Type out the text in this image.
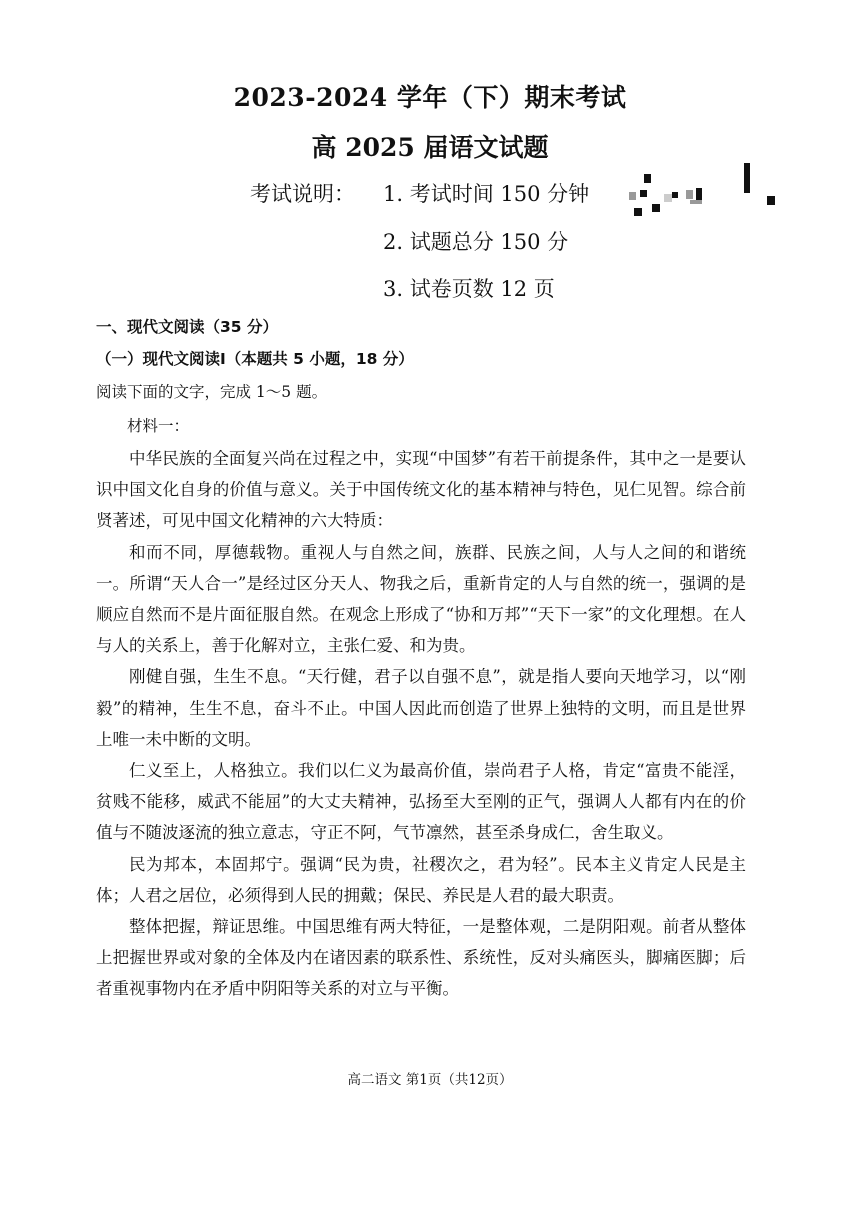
2023-2024 学年（下）期末考试
高 2025 届语文试题
考试说明： 1. 考试时间 150 分钟
2. 试题总分 150 分
3. 试卷页数 12 页
一、现代文阅读（35 分）
（一）现代文阅读Ⅰ（本题共 5 小题，18 分）
阅读下面的文字，完成 1～5 题。
材料一：

中华民族的全面复兴尚在过程之中，实现“中国梦”有若干前提条件，其中之一是要认识中国文化自身的价值与意义。关于中国传统文化的基本精神与特色，见仁见智。综合前贤著述，可见中国文化精神的六大特质：

和而不同，厚德载物。重视人与自然之间，族群、民族之间，人与人之间的和谐统一。所谓“天人合一”是经过区分天人、物我之后，重新肯定的人与自然的统一，强调的是顺应自然而不是片面征服自然。在观念上形成了“协和万邦”“天下一家”的文化理想。在人与人的关系上，善于化解对立，主张仁爱、和为贵。

刚健自强，生生不息。“天行健，君子以自强不息”，就是指人要向天地学习，以“刚毅”的精神，生生不息，奋斗不止。中国人因此而创造了世界上独特的文明，而且是世界上唯一未中断的文明。

仁义至上，人格独立。我们以仁义为最高价值，崇尚君子人格，肯定“富贵不能淫，贫贱不能移，威武不能屈”的大丈夫精神，弘扬至大至刚的正气，强调人人都有内在的价值与不随波逐流的独立意志，守正不阿，气节凛然，甚至杀身成仁，舍生取义。

民为邦本，本固邦宁。强调“民为贵，社稷次之，君为轻”。民本主义肯定人民是主体；人君之居位，必须得到人民的拥戴；保民、养民是人君的最大职责。

整体把握，辩证思维。中国思维有两大特征，一是整体观，二是阴阳观。前者从整体上把握世界或对象的全体及内在诸因素的联系性、系统性，反对头痛医头，脚痛医脚；后者重视事物内在矛盾中阴阳等关系的对立与平衡。

高二语文 第1页（共12页）
